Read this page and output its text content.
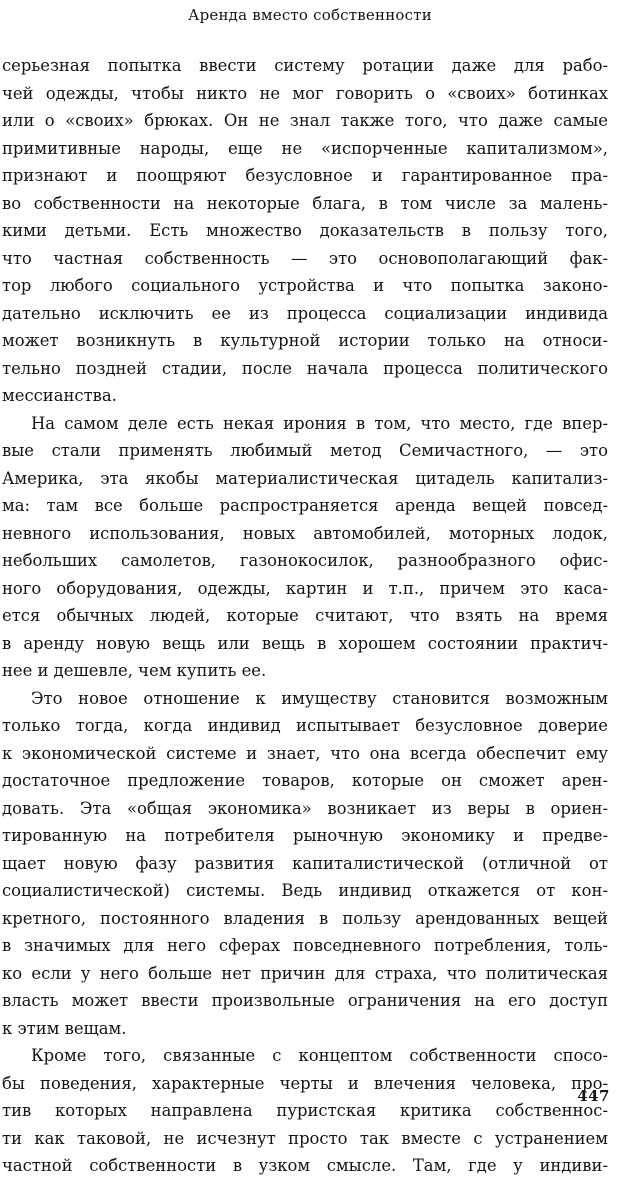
Аренда вместо собственности
серьезная попытка ввести систему ротации даже для рабо-
чей одежды, чтобы никто не мог говорить о «своих» ботинках
или о «своих» брюках. Он не знал также того, что даже самые
примитивные народы, еще не «испорченные капитализмом»,
признают и поощряют безусловное и гарантированное пра-
во собственности на некоторые блага, в том числе за малень-
кими детьми. Есть множество доказательств в пользу того,
что частная собственность — это основополагающий фак-
тор любого социального устройства и что попытка законо-
дательно исключить ее из процесса социализации индивида
может возникнуть в культурной истории только на относи-
тельно поздней стадии, после начала процесса политического
мессианства.
На самом деле есть некая ирония в том, что место, где впер-
вые стали применять любимый метод Семичастного, — это
Америка, эта якобы материалистическая цитадель капитализ-
ма: там все больше распространяется аренда вещей повсед-
невного использования, новых автомобилей, моторных лодок,
небольших самолетов, газонокосилок, разнообразного офис-
ного оборудования, одежды, картин и т.п., причем это каса-
ется обычных людей, которые считают, что взять на время
в аренду новую вещь или вещь в хорошем состоянии практич-
нее и дешевле, чем купить ее.
Это новое отношение к имуществу становится возможным
только тогда, когда индивид испытывает безусловное доверие
к экономической системе и знает, что она всегда обеспечит ему
достаточное предложение товаров, которые он сможет арен-
довать. Эта «общая экономика» возникает из веры в ориен-
тированную на потребителя рыночную экономику и предве-
щает новую фазу развития капиталистической (отличной от
социалистической) системы. Ведь индивид откажется от кон-
кретного, постоянного владения в пользу арендованных вещей
в значимых для него сферах повседневного потребления, толь-
ко если у него больше нет причин для страха, что политическая
власть может ввести произвольные ограничения на его доступ
к этим вещам.
Кроме того, связанные с концептом собственности спосо-
бы поведения, характерные черты и влечения человека, про-
тив которых направлена пуристская критика собственнос-
ти как таковой, не исчезнут просто так вместе с устранением
частной собственности в узком смысле. Там, где у индиви-
447
